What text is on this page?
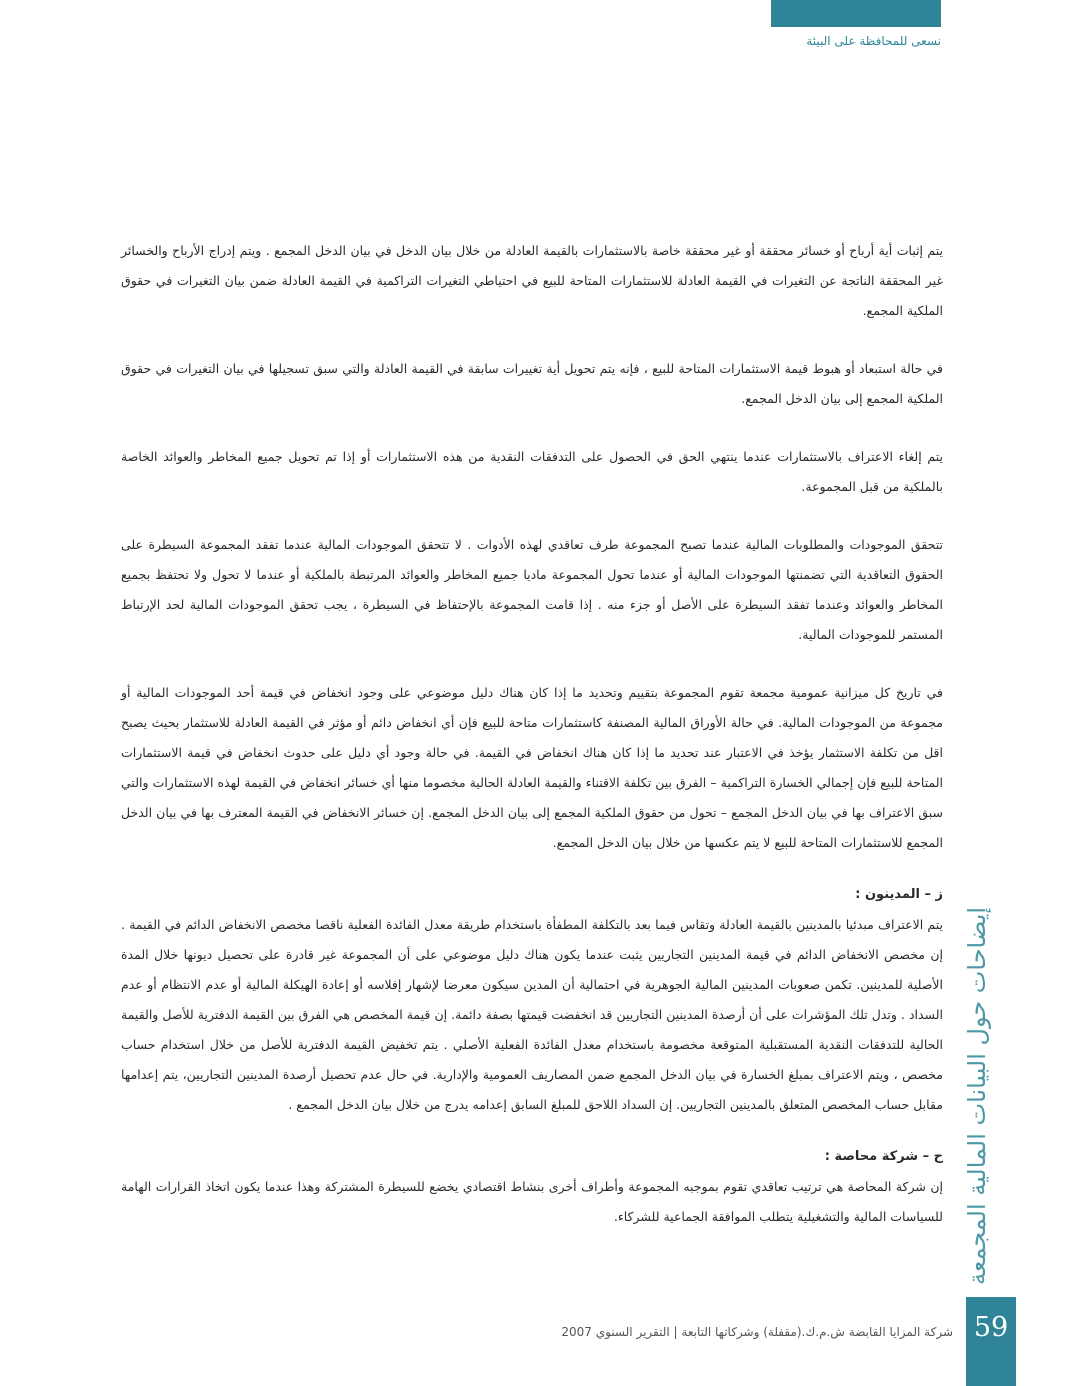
نسعى للمحافظة على البيئة

يتم إثبات أية أرباح أو خسائر محققة أو غير محققة خاصة بالاستثمارات بالقيمة العادلة من خلال بيان الدخل في بيان الدخل المجمع . ويتم إدراج الأرباح والخسائر غير المحققة الناتجة عن التغيرات في القيمة العادلة للاستثمارات المتاحة للبيع في احتياطي التغيرات التراكمية في القيمة العادلة ضمن بيان التغيرات في حقوق الملكية المجمع.

في حالة استبعاد أو هبوط قيمة الاستثمارات المتاحة للبيع ، فإنه يتم تحويل أية تغييرات سابقة في القيمة العادلة والتي سبق تسجيلها في بيان التغيرات في حقوق الملكية المجمع إلى بيان الدخل المجمع.

يتم إلغاء الاعتراف بالاستثمارات عندما ينتهي الحق في الحصول على التدفقات النقدية من هذه الاستثمارات أو إذا تم تحويل جميع المخاطر والعوائد الخاصة بالملكية من قبل المجموعة.

تتحقق الموجودات والمطلوبات المالية عندما تصبح المجموعة طرف تعاقدي لهذه الأدوات . لا تتحقق الموجودات المالية عندما تفقد المجموعة السيطرة على الحقوق التعاقدية التي تضمنتها الموجودات المالية أو عندما تحول المجموعة ماديا جميع المخاطر والعوائد المرتبطة بالملكية أو عندما لا تحول ولا تحتفظ بجميع المخاطر والعوائد وعندما تفقد السيطرة على الأصل أو جزء منه . إذا قامت المجموعة بالإحتفاظ في السيطرة ، يجب تحقق الموجودات المالية لحد الإرتباط المستمر للموجودات المالية.

في تاريخ كل ميزانية عمومية مجمعة تقوم المجموعة بتقييم وتحديد ما إذا كان هناك دليل موضوعي على وجود انخفاض في قيمة أحد الموجودات المالية أو مجموعة من الموجودات المالية. في حالة الأوراق المالية المصنفة كاستثمارات متاحة للبيع فإن أي انخفاض دائم أو مؤثر في القيمة العادلة للاستثمار بحيث يصبح اقل من تكلفة الاستثمار يؤخذ في الاعتبار عند تحديد ما إذا كان هناك انخفاض في القيمة. في حالة وجود أي دليل على حدوث انخفاض في قيمة الاستثمارات المتاحة للبيع فإن إجمالي الخسارة التراكمية – الفرق بين تكلفة الاقتناء والقيمة العادلة الحالية مخصوما منها أي خسائر انخفاض في القيمة لهذه الاستثمارات والتي سبق الاعتراف بها في بيان الدخل المجمع – تحول من حقوق الملكية المجمع إلى بيان الدخل المجمع. إن خسائر الانخفاض في القيمة المعترف بها في بيان الدخل المجمع للاستثمارات المتاحة للبيع لا يتم عكسها من خلال بيان الدخل المجمع.

ز – المدينون :

يتم الاعتراف مبدئيا بالمدينين بالقيمة العادلة وتقاس فيما بعد بالتكلفة المطفأة باستخدام طريقة معدل الفائدة الفعلية ناقصا مخصص الانخفاض الدائم في القيمة . إن مخصص الانخفاض الدائم في قيمة المدينين التجاريين يثبت عندما يكون هناك دليل موضوعي على أن المجموعة غير قادرة على تحصيل ديونها خلال المدة الأصلية للمدينين. تكمن صعوبات المدينين المالية الجوهرية في احتمالية أن المدين سيكون معرضا لإشهار إفلاسه أو إعادة الهيكلة المالية أو عدم الانتظام أو عدم السداد . وتدل تلك المؤشرات على أن أرصدة المدينين التجاريين قد انخفضت قيمتها بصفة دائمة. إن قيمة المخصص هي الفرق بين القيمة الدفترية للأصل والقيمة الحالية للتدفقات النقدية المستقبلية المتوقعة مخصومة باستخدام معدل الفائدة الفعلية الأصلي . يتم تخفيض القيمة الدفترية للأصل من خلال استخدام حساب مخصص ، ويتم الاعتراف بمبلغ الخسارة في بيان الدخل المجمع ضمن المصاريف العمومية والإدارية. في حال عدم تحصيل أرصدة المدينين التجاريين، يتم إعدامها مقابل حساب المخصص المتعلق بالمدينين التجاريين. إن السداد اللاحق للمبلغ السابق إعدامه يدرج من خلال بيان الدخل المجمع .

ح – شركة محاصة :

إن شركة المحاصة هي ترتيب تعاقدي تقوم بموجبه المجموعة وأطراف أخرى بنشاط اقتصادي يخضع للسيطرة المشتركة وهذا عندما يكون اتخاذ القرارات الهامة للسياسات المالية والتشغيلية يتطلب الموافقة الجماعية للشركاء. إيضاحات حول البيانات المالية المجمعة
59
شركة المزايا القابضة ش.م.ك.(مقفلة) وشركاتها التابعة | التقرير السنوي 2007
